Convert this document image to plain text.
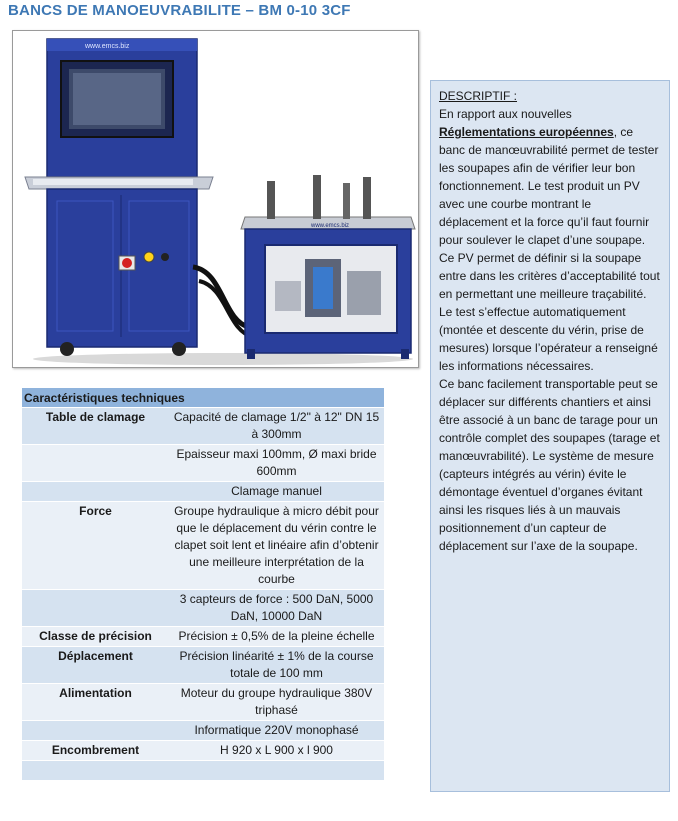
BANCS DE MANOEUVRABILITE – BM 0-10 3CF
www.emcs.biz
www.emcs.biz
Caractéristiques techniques	
Table de clamage	Capacité de clamage 1/2" à 12" DN 15 à 300mm
	Epaisseur maxi 100mm, Ø maxi bride 600mm
	Clamage manuel
Force	Groupe hydraulique à micro débit pour que le déplacement du vérin contre le clapet soit lent et linéaire afin d’obtenir une meilleure interprétation de la courbe
	3 capteurs de force : 500 DaN, 5000 DaN, 10000 DaN
Classe de précision	Précision ± 0,5% de la pleine échelle
Déplacement	Précision linéarité ± 1% de la course totale de 100 mm
Alimentation	Moteur du groupe hydraulique 380V triphasé
	Informatique 220V monophasé
Encombrement	H 920 x L 900 x l 900

DESCRIPTIF :

En rapport aux nouvelles Réglementations européennes, ce banc de manœuvrabilité permet de tester les soupapes afin de vérifier leur bon fonctionnement. Le test produit un PV avec une courbe montrant le déplacement et la force qu’il faut fournir pour soulever le clapet d’une soupape.

Ce PV permet de définir si la soupape entre dans les critères d’acceptabilité tout en permettant une meilleure traçabilité. Le test s’effectue automatiquement (montée et descente du vérin, prise de mesures) lorsque l’opérateur a renseigné les informations nécessaires.

Ce banc facilement transportable peut se déplacer sur différents chantiers et ainsi être associé à un banc de tarage pour un contrôle complet des soupapes (tarage et manœuvrabilité). Le système de mesure (capteurs intégrés au vérin) évite le démontage éventuel d’organes évitant ainsi les risques liés à un mauvais positionnement d’un capteur de déplacement sur l’axe de la soupape.
